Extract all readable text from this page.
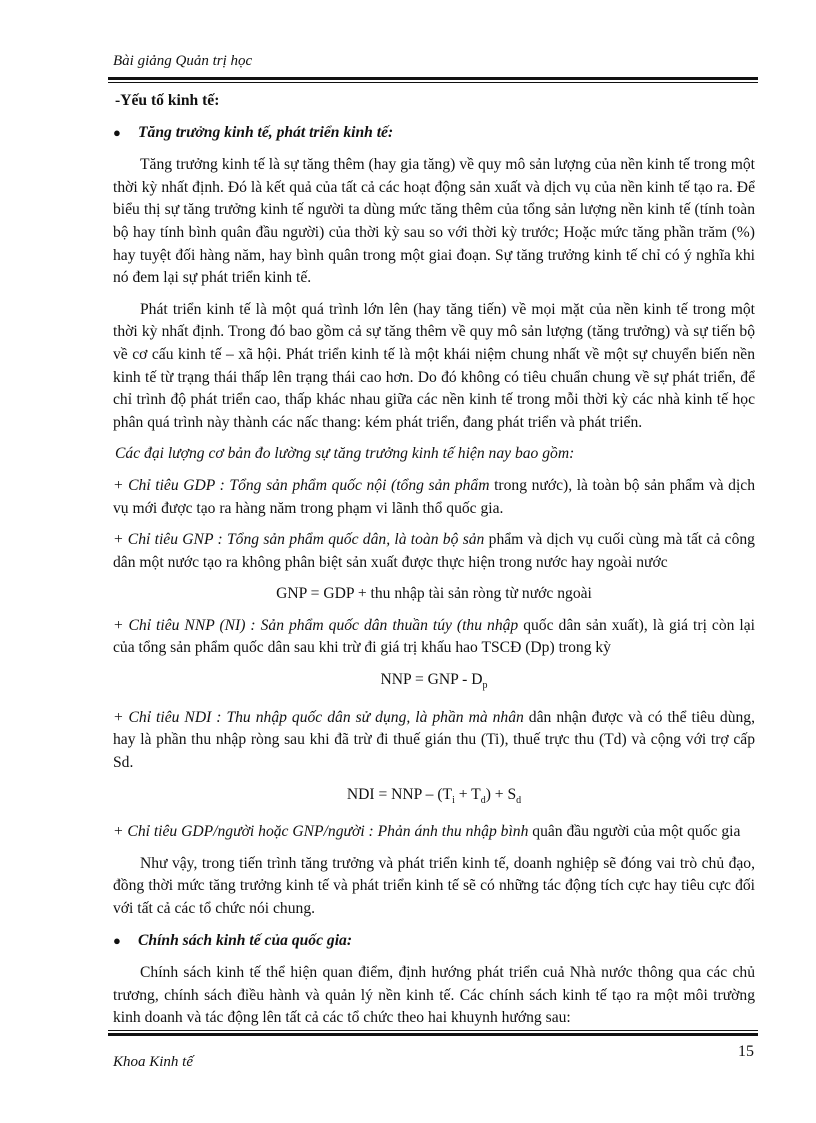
Bài giảng Quản trị học

-Yếu tố kinh tế:

●	Tăng trưởng kinh tế, phát triển kinh tế:

Tăng trưởng kinh tế là sự tăng thêm (hay gia tăng) về quy mô sản lượng của nền kinh tế trong một thời kỳ nhất định. Đó là kết quả của tất cả các hoạt động sản xuất và dịch vụ của nền kinh tế tạo ra. Để biểu thị sự tăng trưởng kinh tế người ta dùng mức tăng thêm của tổng sản lượng nền kinh tế (tính toàn bộ hay tính bình quân đầu người) của thời kỳ sau so với thời kỳ trước; Hoặc mức tăng phần trăm (%) hay tuyệt đối hàng năm, hay bình quân trong một giai đoạn. Sự tăng trưởng kinh tế chỉ có ý nghĩa khi nó đem lại sự phát triển kinh tế.

Phát triển kinh tế là một quá trình lớn lên (hay tăng tiến) về mọi mặt của nền kinh tế trong một thời kỳ nhất định. Trong đó bao gồm cả sự tăng thêm về quy mô sản lượng (tăng trưởng) và sự tiến bộ về cơ cấu kinh tế – xã hội. Phát triển kinh tế là một khái niệm chung nhất về một sự chuyển biến nền kinh tế từ trạng thái thấp lên trạng thái cao hơn. Do đó không có tiêu chuẩn chung về sự phát triển, để chỉ trình độ phát triển cao, thấp khác nhau giữa các nền kinh tế trong mỗi thời kỳ các nhà kinh tế học phân quá trình này thành các nấc thang: kém phát triển, đang phát triển và phát triển.

Các đại lượng cơ bản đo lường sự tăng trưởng kinh tế hiện nay bao gồm:

+ Chỉ tiêu GDP : Tổng sản phẩm quốc nội (tổng sản phẩm trong nước), là toàn bộ sản phẩm và dịch vụ mới được tạo ra hàng năm trong phạm vi lãnh thổ quốc gia.

+ Chỉ tiêu GNP : Tổng sản phẩm quốc dân, là toàn bộ sản phẩm và dịch vụ cuối cùng mà tất cả công dân một nước tạo ra không phân biệt sản xuất được thực hiện trong nước hay ngoài nước

GNP = GDP + thu nhập tài sản ròng từ nước ngoài

+ Chỉ tiêu NNP (NI) : Sản phẩm quốc dân thuần túy (thu nhập quốc dân sản xuất), là giá trị còn lại của tổng sản phẩm quốc dân sau khi trừ đi giá trị khấu hao TSCĐ (Dp) trong kỳ

NNP = GNP - $D_p$

+ Chỉ tiêu NDI : Thu nhập quốc dân sử dụng, là phần mà nhân dân nhận được và có thể tiêu dùng, hay là phần thu nhập ròng sau khi đã trừ đi thuế gián thu (Ti), thuế trực thu (Td) và cộng với trợ cấp Sd.

NDI = NNP – $(T_i + T_d) + S_d$

+ Chỉ tiêu GDP/người hoặc GNP/người : Phản ánh thu nhập bình quân đầu người của một quốc gia

Như vậy, trong tiến trình tăng trưởng và phát triển kinh tế, doanh nghiệp sẽ đóng vai trò chủ đạo, đồng thời mức tăng trưởng kinh tế và phát triển kinh tế sẽ có những tác động tích cực hay tiêu cực đối với tất cả các tổ chức nói chung.

●	Chính sách kinh tế của quốc gia:

Chính sách kinh tế thể hiện quan điểm, định hướng phát triển cuả Nhà nước thông qua các chủ trương, chính sách điều hành và quản lý nền kinh tế. Các chính sách kinh tế tạo ra một môi trường kinh doanh và tác động lên tất cả các tổ chức theo hai khuynh hướng sau:

15
Khoa Kinh tế
